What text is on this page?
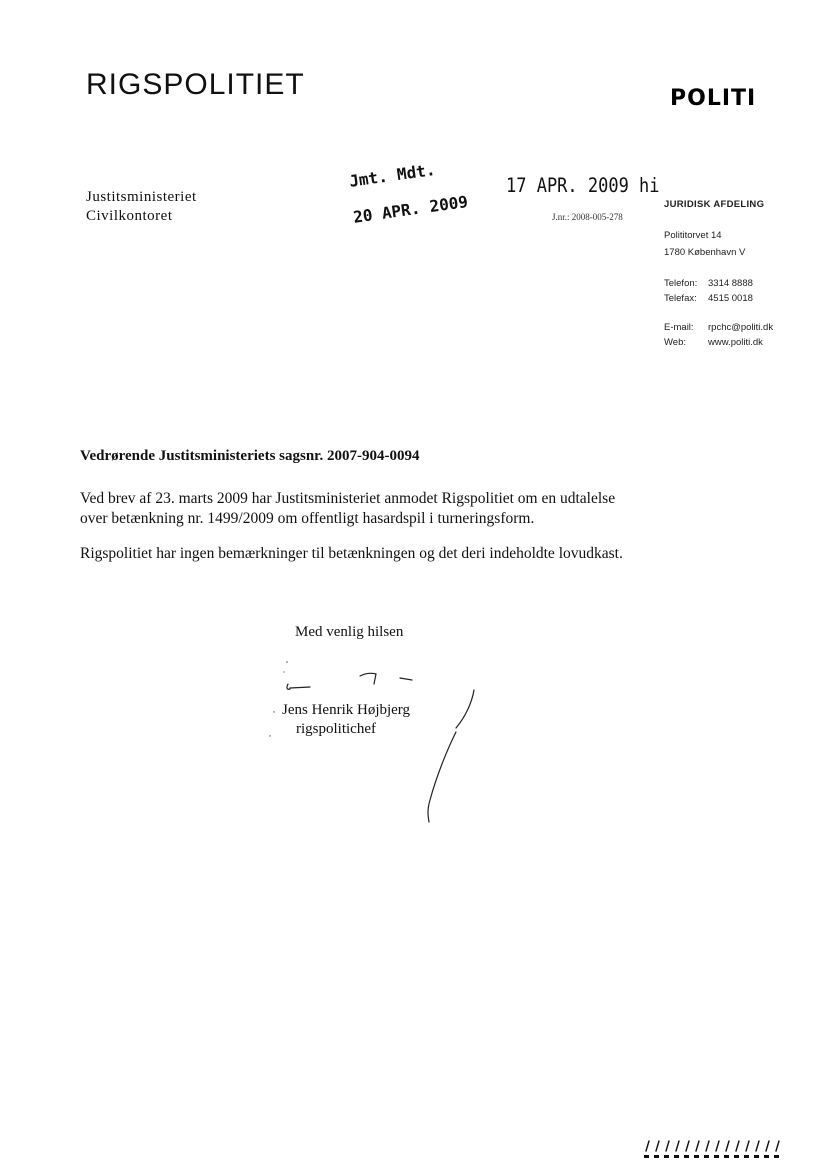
RIGSPOLITIET	POLITI
Justitsministeriet
Civilkontoret
Jmt. Mdt.
20 APR. 2009
17 APR. 2009 hi
J.nr.: 2008-005-278
JURIDISK AFDELING
Polititorvet 14
1780 København V
Telefon: 3314 8888
Telefax: 4515 0018
E-mail: rpchc@politi.dk
Web: www.politi.dk
Vedrørende Justitsministeriets sagsnr. 2007-904-0094
Ved brev af 23. marts 2009 har Justitsministeriet anmodet Rigspolitiet om en udtalelse over betænkning nr. 1499/2009 om offentligt hasardspil i turneringsform.
Rigspolitiet har ingen bemærkninger til betænkningen og det deri indeholdte lovudkast.
Med venlig hilsen
Jens Henrik Højbjerg
rigspolitichef
